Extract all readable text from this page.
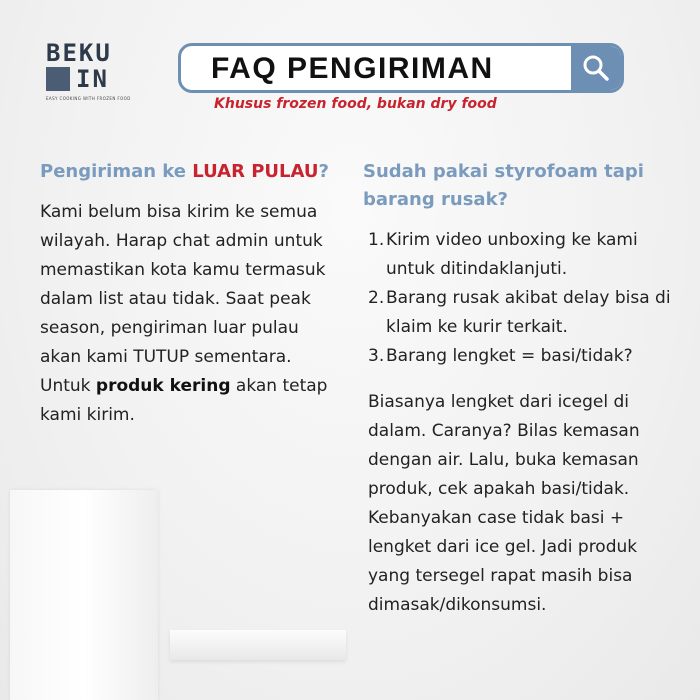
BEKU
IN
EASY COOKING WITH FROZEN FOOD
FAQ PENGIRIMAN
Khusus frozen food, bukan dry food
Pengiriman ke LUAR PULAU?
Kami belum bisa kirim ke semua wilayah. Harap chat admin untuk memastikan kota kamu termasuk dalam list atau tidak. Saat peak season, pengiriman luar pulau akan kami TUTUP sementara. Untuk produk kering akan tetap kami kirim.
Sudah pakai styrofoam tapi barang rusak?
1. Kirim video unboxing ke kami untuk ditindaklanjuti.
2. Barang rusak akibat delay bisa di klaim ke kurir terkait.
3. Barang lengket = basi/tidak?
Biasanya lengket dari icegel di dalam. Caranya? Bilas kemasan dengan air. Lalu, buka kemasan produk, cek apakah basi/tidak. Kebanyakan case tidak basi + lengket dari ice gel. Jadi produk yang tersegel rapat masih bisa dimasak/dikonsumsi.
